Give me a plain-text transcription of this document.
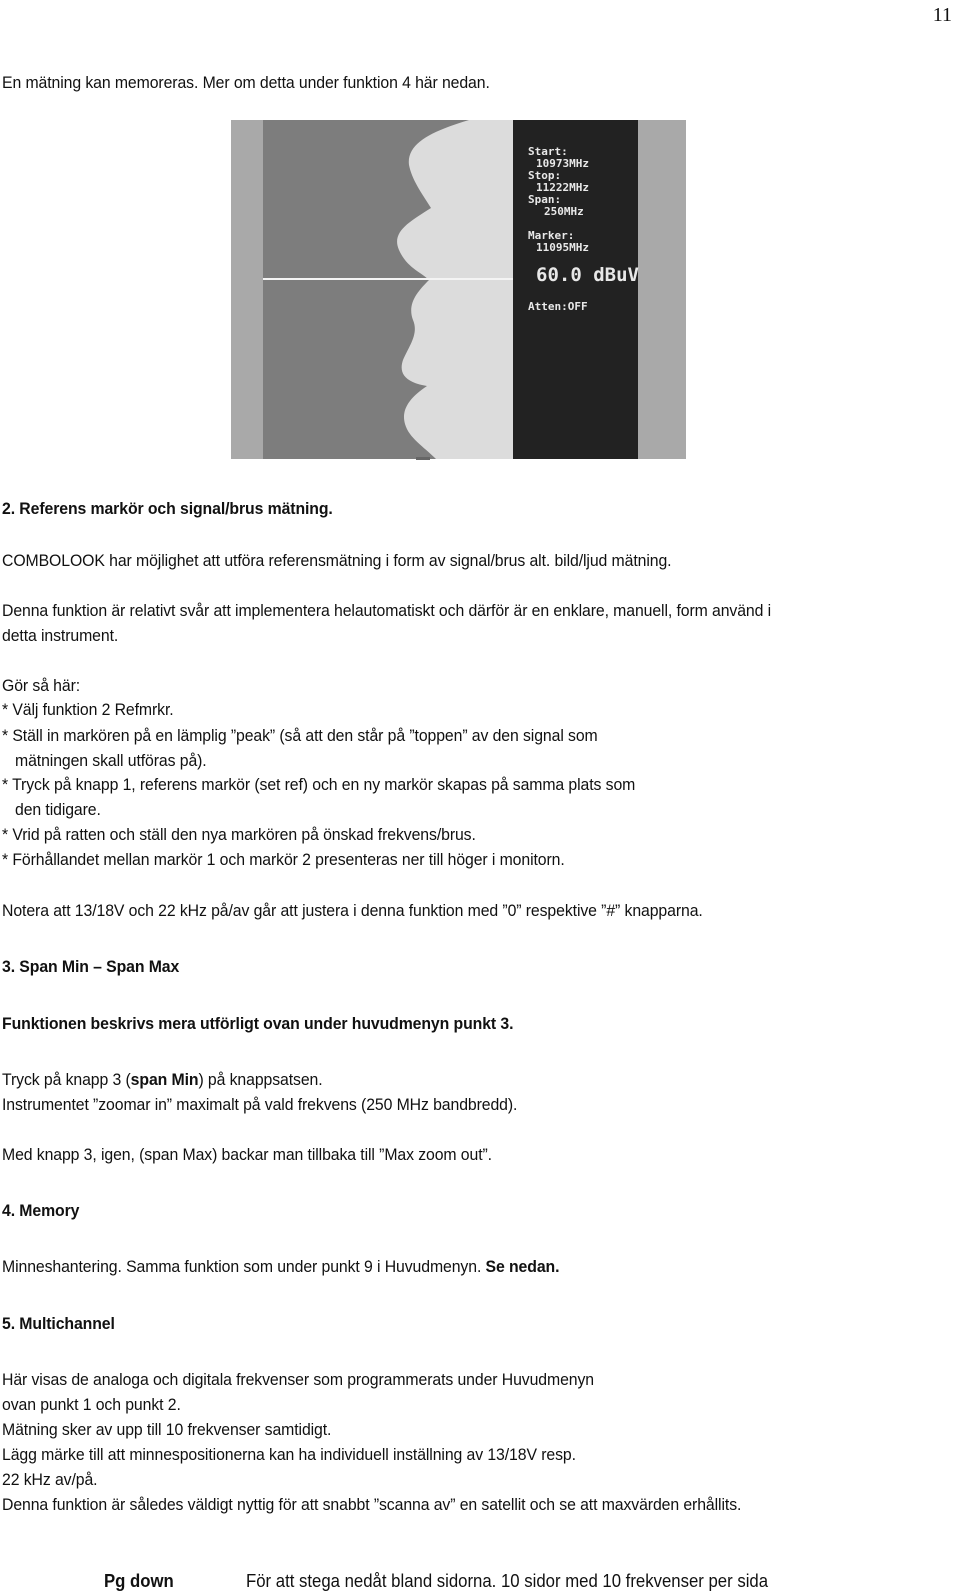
11
En mätning kan memoreras. Mer om detta under funktion 4 här nedan.
Start:
10973MHz
Stop:
11222MHz
Span:
250MHz
Marker:
11095MHz
60.0 dBuV
Atten:OFF
2. Referens markör och signal/brus mätning.
COMBOLOOK har möjlighet att utföra referensmätning i form av signal/brus alt. bild/ljud mätning.
Denna funktion är relativt svår att implementera helautomatiskt och därför är en enklare, manuell, form använd i
detta instrument.
Gör så här:
* Välj funktion 2 Refmrkr.
* Ställ in markören på en lämplig ”peak” (så att den står på ”toppen” av den signal som
mätningen skall utföras på).
* Tryck på knapp 1, referens markör (set ref) och en ny markör skapas på samma plats som
den tidigare.
* Vrid på ratten och ställ den nya markören på önskad frekvens/brus.
* Förhållandet mellan markör 1 och markör 2 presenteras ner till höger i monitorn.
Notera att 13/18V och 22 kHz på/av går att justera i denna funktion med ”0” respektive ”#” knapparna.
3. Span Min – Span Max
Funktionen beskrivs mera utförligt ovan under huvudmenyn punkt 3.
Tryck på knapp 3 (span Min) på knappsatsen.
Instrumentet ”zoomar in” maximalt på vald frekvens (250 MHz bandbredd).
Med knapp 3, igen, (span Max) backar man tillbaka till ”Max zoom out”.
4. Memory
Minneshantering. Samma funktion som under punkt 9 i Huvudmenyn. Se nedan.
5. Multichannel
Här visas de analoga och digitala frekvenser som programmerats under Huvudmenyn
ovan punkt 1 och punkt 2.
Mätning sker av upp till 10 frekvenser samtidigt.
Lägg märke till att minnespositionerna kan ha individuell inställning av 13/18V resp.
22 kHz av/på.
Denna funktion är således väldigt nyttig för att snabbt ”scanna av” en satellit och se att maxvärden erhållits.
Pg down	För att stega nedåt bland sidorna. 10 sidor med 10 frekvenser per sida
